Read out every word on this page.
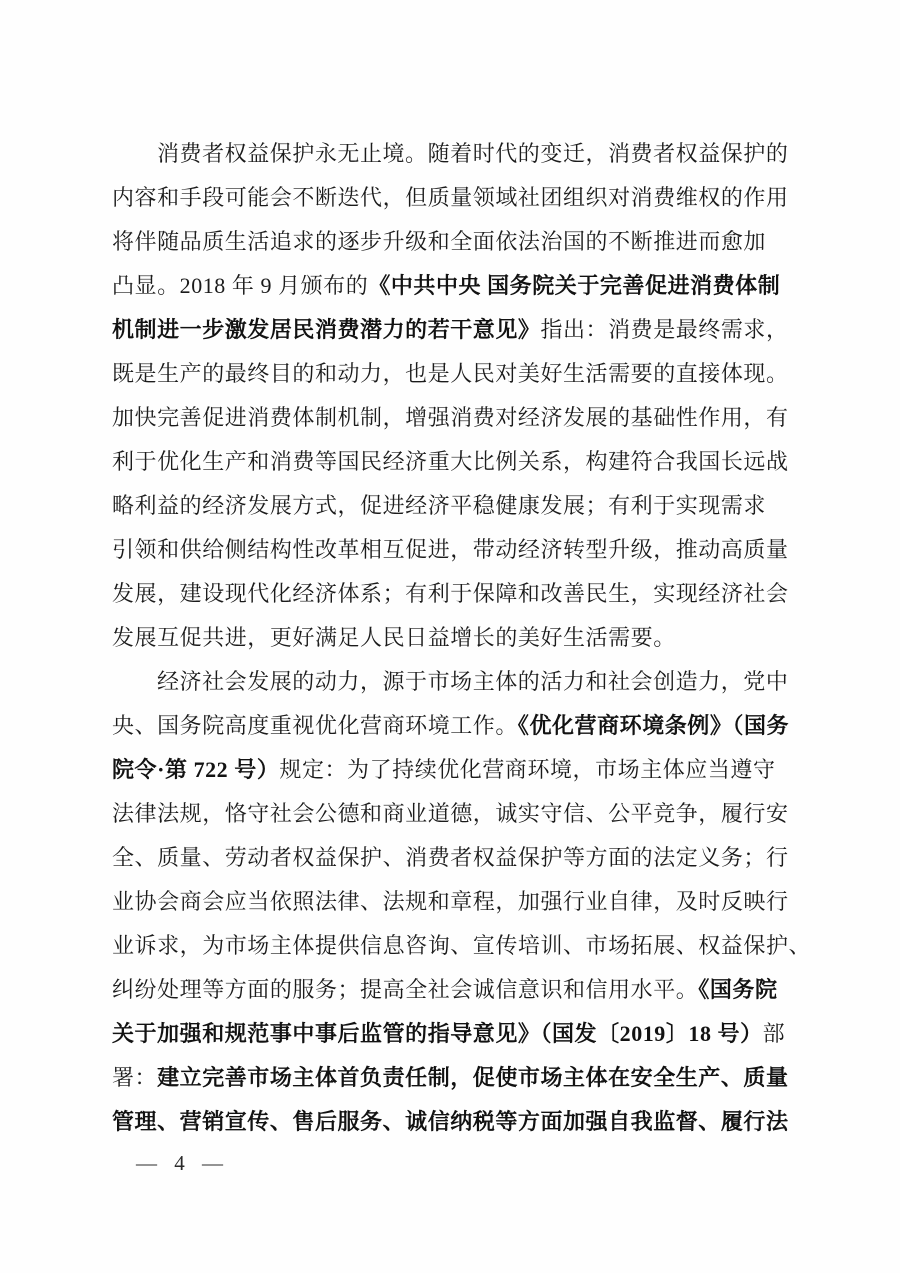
消费者权益保护永无止境。随着时代的变迁，消费者权益保护的
内容和手段可能会不断迭代，但质量领域社团组织对消费维权的作用
将伴随品质生活追求的逐步升级和全面依法治国的不断推进而愈加
凸显。2018 年 9 月颁布的《中共中央 国务院关于完善促进消费体制
机制进一步激发居民消费潜力的若干意见》指出：消费是最终需求，
既是生产的最终目的和动力，也是人民对美好生活需要的直接体现。
加快完善促进消费体制机制，增强消费对经济发展的基础性作用，有
利于优化生产和消费等国民经济重大比例关系，构建符合我国长远战
略利益的经济发展方式，促进经济平稳健康发展；有利于实现需求
引领和供给侧结构性改革相互促进，带动经济转型升级，推动高质量
发展，建设现代化经济体系；有利于保障和改善民生，实现经济社会
发展互促共进，更好满足人民日益增长的美好生活需要。
经济社会发展的动力，源于市场主体的活力和社会创造力，党中
央、国务院高度重视优化营商环境工作。《优化营商环境条例》（国务
院令·第 722 号）规定：为了持续优化营商环境，市场主体应当遵守
法律法规，恪守社会公德和商业道德，诚实守信、公平竞争，履行安
全、质量、劳动者权益保护、消费者权益保护等方面的法定义务；行
业协会商会应当依照法律、法规和章程，加强行业自律，及时反映行
业诉求，为市场主体提供信息咨询、宣传培训、市场拓展、权益保护、
纠纷处理等方面的服务；提高全社会诚信意识和信用水平。《国务院
关于加强和规范事中事后监管的指导意见》（国发〔2019〕18 号）部
署：建立完善市场主体首负责任制，促使市场主体在安全生产、质量
管理、营销宣传、售后服务、诚信纳税等方面加强自我监督、履行法
— 4 —
